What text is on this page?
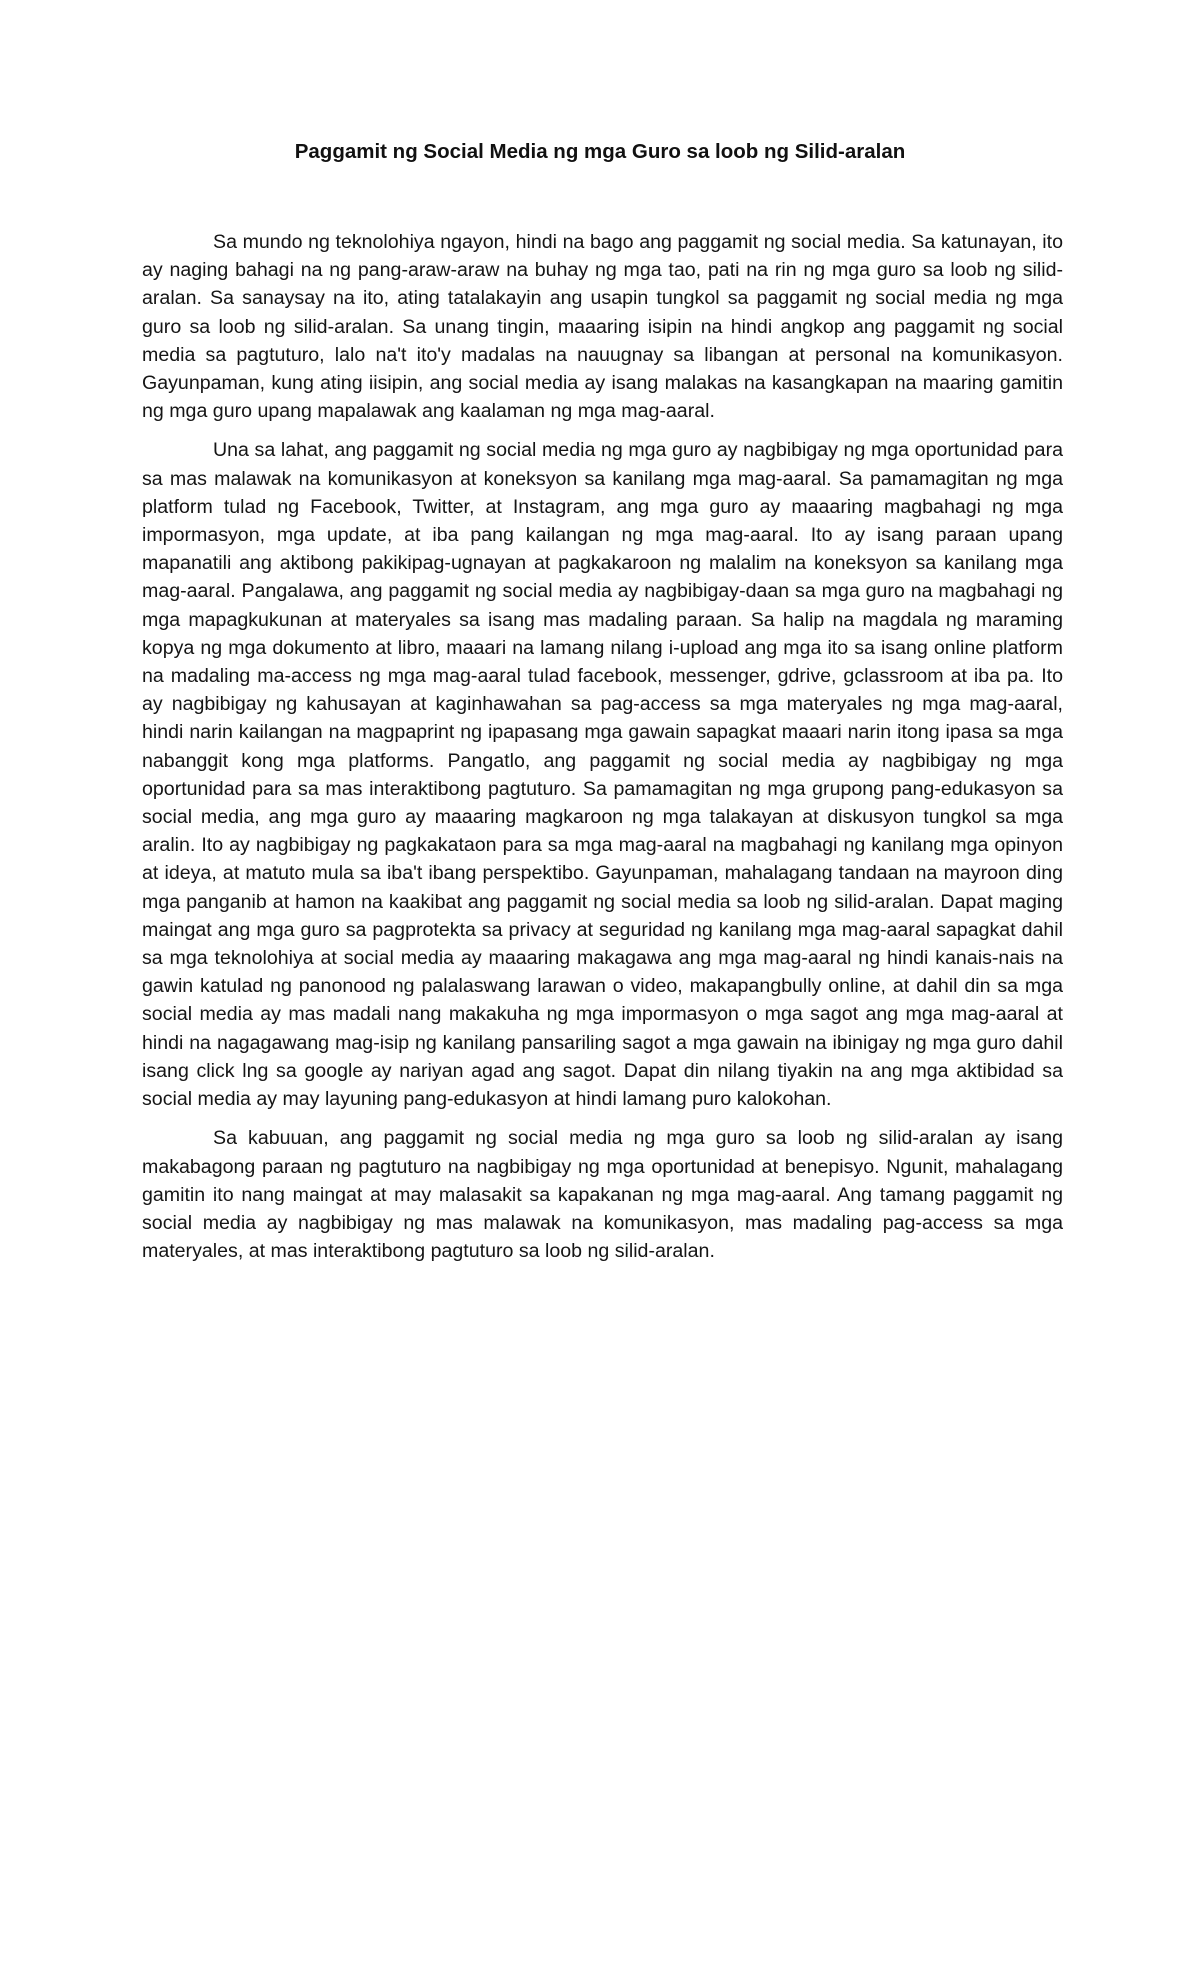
Paggamit ng Social Media ng mga Guro sa loob ng Silid-aralan

Sa mundo ng teknolohiya ngayon, hindi na bago ang paggamit ng social media. Sa katunayan, ito ay naging bahagi na ng pang-araw-araw na buhay ng mga tao, pati na rin ng mga guro sa loob ng silid-aralan. Sa sanaysay na ito, ating tatalakayin ang usapin tungkol sa paggamit ng social media ng mga guro sa loob ng silid-aralan. Sa unang tingin, maaaring isipin na hindi angkop ang paggamit ng social media sa pagtuturo, lalo na't ito'y madalas na nauugnay sa libangan at personal na komunikasyon. Gayunpaman, kung ating iisipin, ang social media ay isang malakas na kasangkapan na maaring gamitin ng mga guro upang mapalawak ang kaalaman ng mga mag-aaral.

Una sa lahat, ang paggamit ng social media ng mga guro ay nagbibigay ng mga oportunidad para sa mas malawak na komunikasyon at koneksyon sa kanilang mga mag-aaral. Sa pamamagitan ng mga platform tulad ng Facebook, Twitter, at Instagram, ang mga guro ay maaaring magbahagi ng mga impormasyon, mga update, at iba pang kailangan ng mga mag-aaral. Ito ay isang paraan upang mapanatili ang aktibong pakikipag-ugnayan at pagkakaroon ng malalim na koneksyon sa kanilang mga mag-aaral. Pangalawa, ang paggamit ng social media ay nagbibigay-daan sa mga guro na magbahagi ng mga mapagkukunan at materyales sa isang mas madaling paraan. Sa halip na magdala ng maraming kopya ng mga dokumento at libro, maaari na lamang nilang i-upload ang mga ito sa isang online platform na madaling ma-access ng mga mag-aaral tulad facebook, messenger, gdrive, gclassroom at iba pa. Ito ay nagbibigay ng kahusayan at kaginhawahan sa pag-access sa mga materyales ng mga mag-aaral, hindi narin kailangan na magpaprint ng ipapasang mga gawain sapagkat maaari narin itong ipasa sa mga nabanggit kong mga platforms. Pangatlo, ang paggamit ng social media ay nagbibigay ng mga oportunidad para sa mas interaktibong pagtuturo. Sa pamamagitan ng mga grupong pang-edukasyon sa social media, ang mga guro ay maaaring magkaroon ng mga talakayan at diskusyon tungkol sa mga aralin. Ito ay nagbibigay ng pagkakataon para sa mga mag-aaral na magbahagi ng kanilang mga opinyon at ideya, at matuto mula sa iba't ibang perspektibo. Gayunpaman, mahalagang tandaan na mayroon ding mga panganib at hamon na kaakibat ang paggamit ng social media sa loob ng silid-aralan. Dapat maging maingat ang mga guro sa pagprotekta sa privacy at seguridad ng kanilang mga mag-aaral sapagkat dahil sa mga teknolohiya at social media ay maaaring makagawa ang mga mag-aaral ng hindi kanais-nais na gawin katulad ng panonood ng palalaswang larawan o video, makapangbully online, at dahil din sa mga social media ay mas madali nang makakuha ng mga impormasyon o mga sagot ang mga mag-aaral at hindi na nagagawang mag-isip ng kanilang pansariling sagot a mga gawain na ibinigay ng mga guro dahil isang click lng sa google ay nariyan agad ang sagot. Dapat din nilang tiyakin na ang mga aktibidad sa social media ay may layuning pang-edukasyon at hindi lamang puro kalokohan.

Sa kabuuan, ang paggamit ng social media ng mga guro sa loob ng silid-aralan ay isang makabagong paraan ng pagtuturo na nagbibigay ng mga oportunidad at benepisyo. Ngunit, mahalagang gamitin ito nang maingat at may malasakit sa kapakanan ng mga mag-aaral. Ang tamang paggamit ng social media ay nagbibigay ng mas malawak na komunikasyon, mas madaling pag-access sa mga materyales, at mas interaktibong pagtuturo sa loob ng silid-aralan.
